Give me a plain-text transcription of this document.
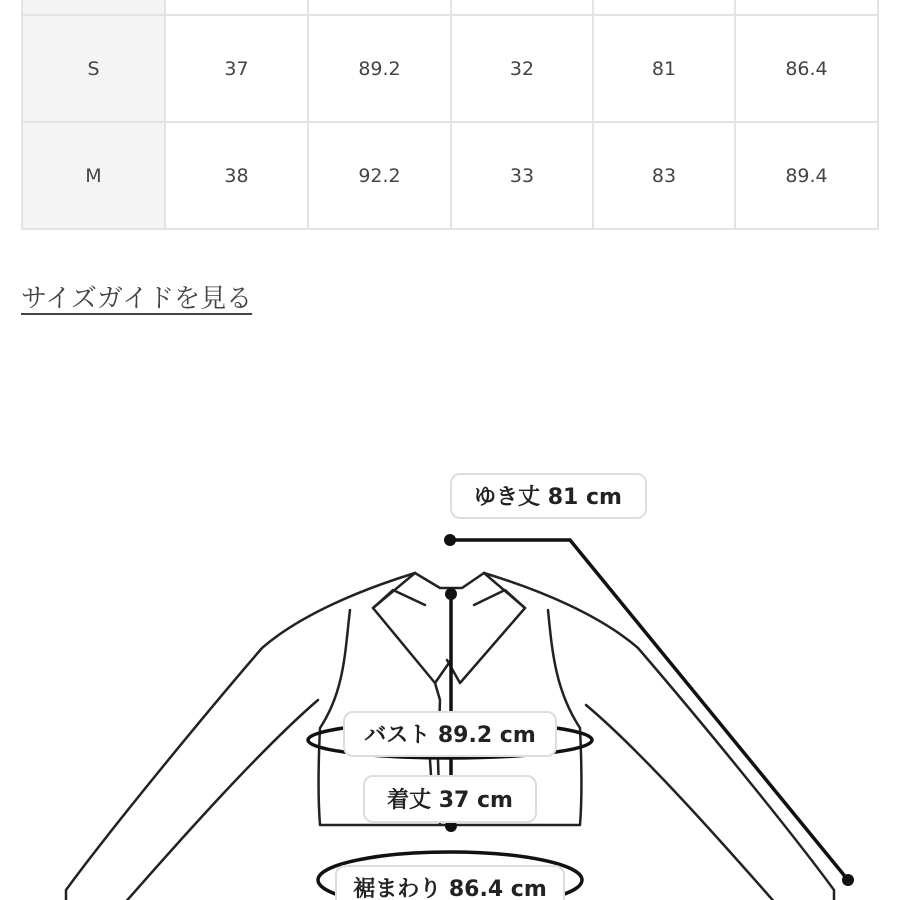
S	37	89.2	32	81	86.4
M	38	92.2	33	83	89.4
サイズガイドを見る
ゆき丈 81 cm
バスト 89.2 cm
着丈 37 cm
裾まわり 86.4 cm
